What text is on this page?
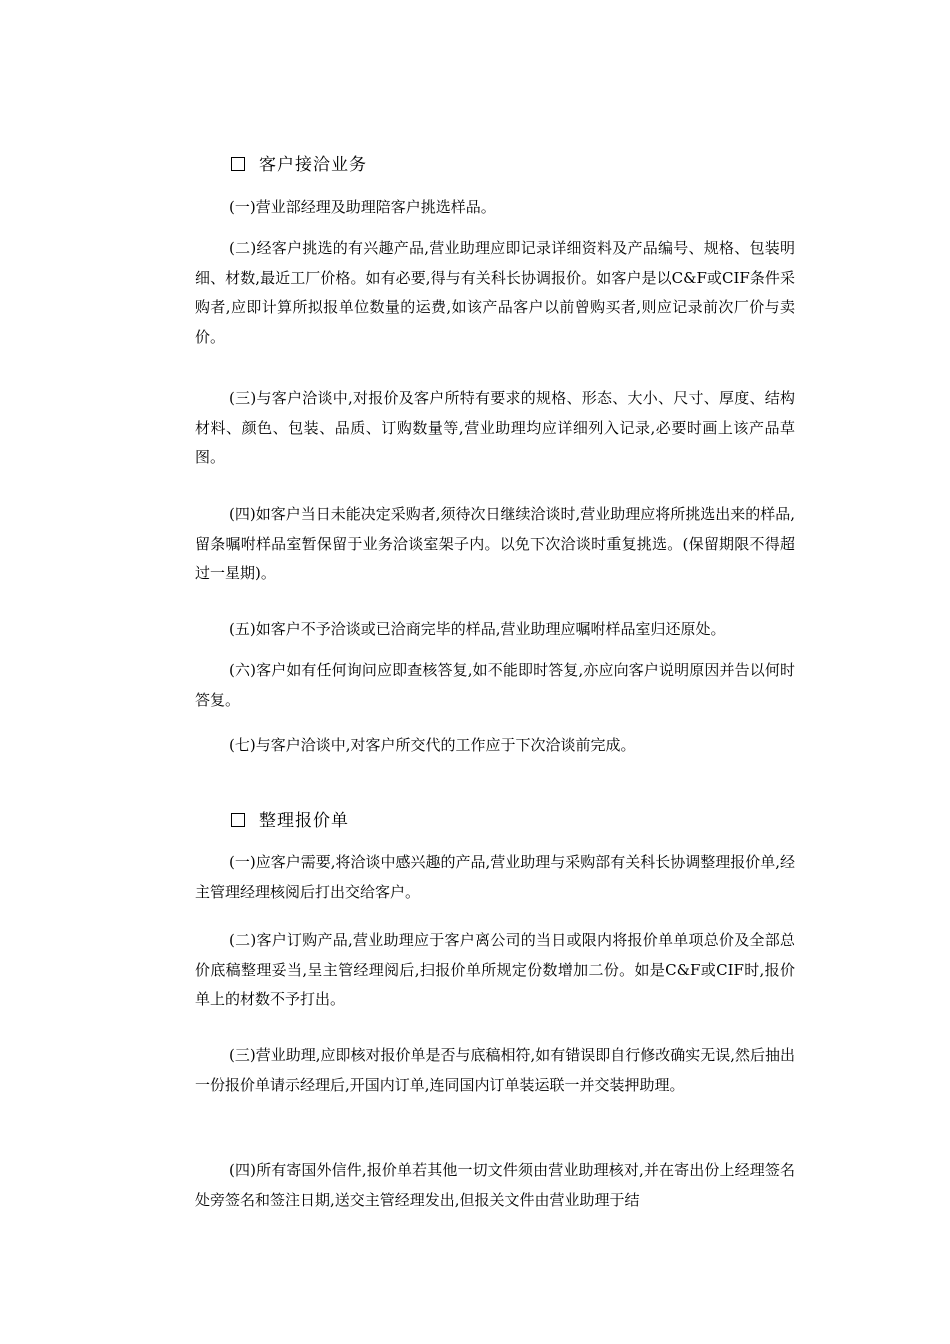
客户接洽业务

(一)营业部经理及助理陪客户挑选样品。

(二)经客户挑选的有兴趣产品,营业助理应即记录详细资料及产品编号、规格、包装明细、材数,最近工厂价格。如有必要,得与有关科长协调报价。如客户是以C&F或CIF条件采购者,应即计算所拟报单位数量的运费,如该产品客户以前曾购买者,则应记录前次厂价与卖价。

(三)与客户洽谈中,对报价及客户所特有要求的规格、形态、大小、尺寸、厚度、结构材料、颜色、包装、品质、订购数量等,营业助理均应详细列入记录,必要时画上该产品草图。

(四)如客户当日未能决定采购者,须待次日继续洽谈时,营业助理应将所挑选出来的样品,留条嘱咐样品室暂保留于业务洽谈室架子内。以免下次洽谈时重复挑选。(保留期限不得超过一星期)。

(五)如客户不予洽谈或已洽商完毕的样品,营业助理应嘱咐样品室归还原处。

(六)客户如有任何询问应即查核答复,如不能即时答复,亦应向客户说明原因并告以何时答复。

(七)与客户洽谈中,对客户所交代的工作应于下次洽谈前完成。

整理报价单

(一)应客户需要,将洽谈中感兴趣的产品,营业助理与采购部有关科长协调整理报价单,经主管理经理核阅后打出交给客户。

(二)客户订购产品,营业助理应于客户离公司的当日或限内将报价单单项总价及全部总价底稿整理妥当,呈主管经理阅后,扫报价单所规定份数增加二份。如是C&F或CIF时,报价单上的材数不予打出。

(三)营业助理,应即核对报价单是否与底稿相符,如有错误即自行修改确实无误,然后抽出一份报价单请示经理后,开国内订单,连同国内订单装运联一并交装押助理。

(四)所有寄国外信件,报价单若其他一切文件须由营业助理核对,并在寄出份上经理签名处旁签名和签注日期,送交主管经理发出,但报关文件由营业助理于结
